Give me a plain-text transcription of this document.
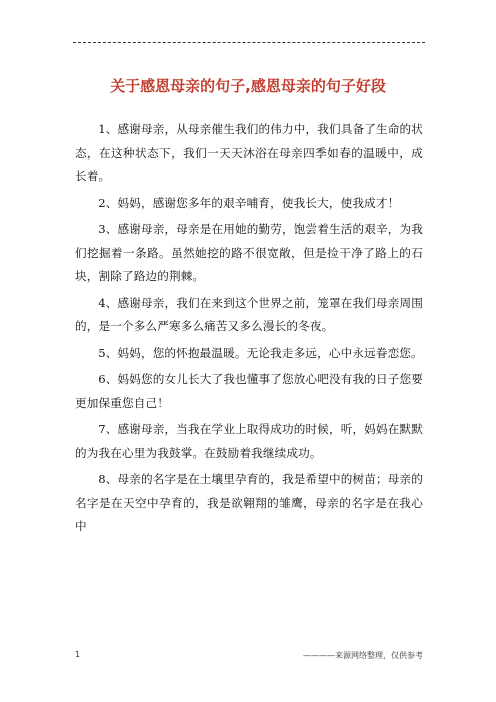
关于感恩母亲的句子,感恩母亲的句子好段

1、感谢母亲，从母亲催生我们的伟力中，我们具备了生命的状态，在这种状态下，我们一天天沐浴在母亲四季如春的温暖中，成长着。

2、妈妈，感谢您多年的艰辛哺育，使我长大，使我成才！

3、感谢母亲，母亲是在用她的勤劳，饱尝着生活的艰辛，为我们挖掘着一条路。虽然她挖的路不很宽敞，但是捡干净了路上的石块，割除了路边的荆棘。

4、感谢母亲，我们在来到这个世界之前，笼罩在我们母亲周围的，是一个多么严寒多么痛苦又多么漫长的冬夜。

5、妈妈，您的怀抱最温暖。无论我走多远，心中永远眷恋您。

6、妈妈您的女儿长大了我也懂事了您放心吧没有我的日子您要更加保重您自己！

7、感谢母亲，当我在学业上取得成功的时候，听，妈妈在默默的为我在心里为我鼓掌。在鼓励着我继续成功。

8、母亲的名字是在土壤里孕育的，我是希望中的树苗；母亲的名字是在天空中孕育的，我是欲翱翔的雏鹰，母亲的名字是在我心中

1	————来源网络整理，仅供参考
